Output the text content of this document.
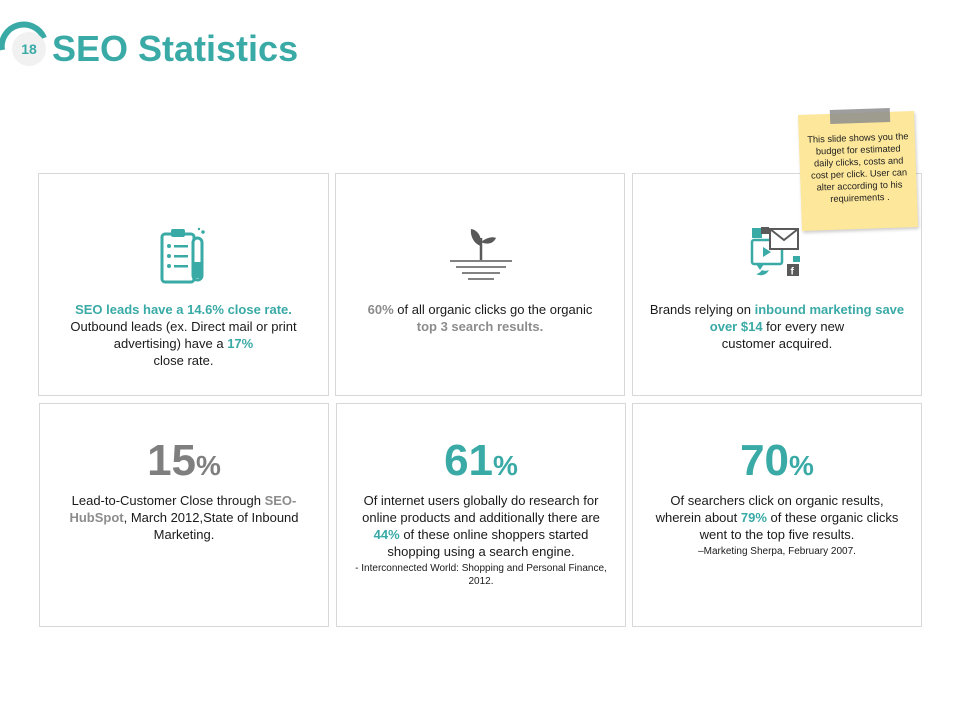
18 SEO Statistics
SEO leads have a 14.6% close rate.
Outbound leads (ex. Direct mail or print advertising) have a 17%
close rate.
60% of all organic clicks go the organic
top 3 search results.
f
Brands relying on inbound marketing save over $14 for every new
customer acquired.
15%
Lead-to-Customer Close through SEO-HubSpot, March 2012,State of Inbound Marketing.
61%
Of internet users globally do research for online products and additionally there are 44% of these online shoppers started shopping using a search engine.
- Interconnected World: Shopping and Personal Finance, 2012.
70%
Of searchers click on organic results, wherein about 79% of these organic clicks went to the top five results.
–Marketing Sherpa, February 2007.
This slide shows you the budget for estimated daily clicks, costs and cost per click. User can alter according to his requirements .
